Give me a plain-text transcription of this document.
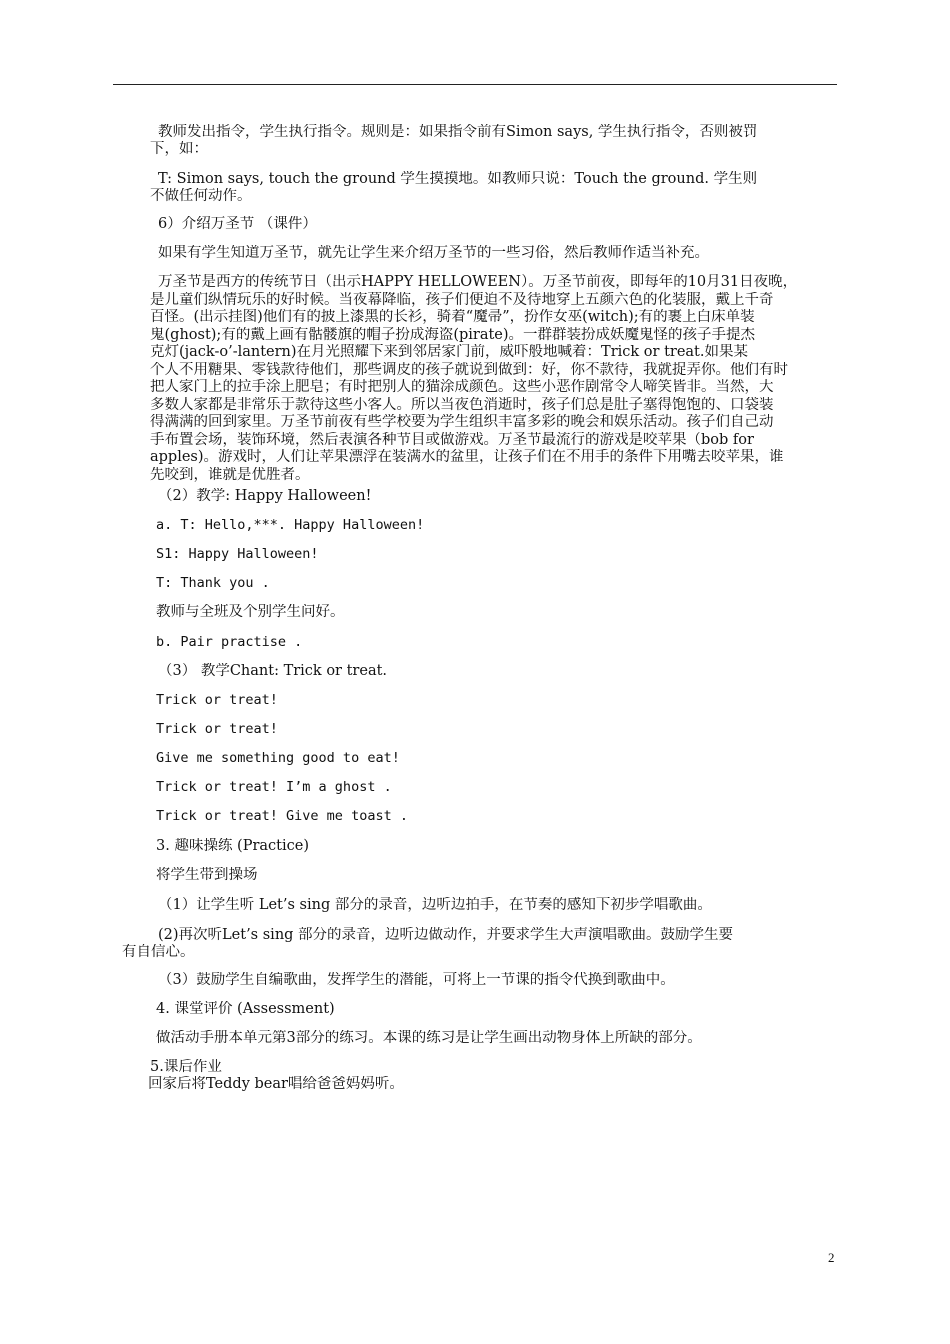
教师发出指令，学生执行指令。规则是：如果指令前有Simon says, 学生执行指令，否则被罚
下，如：
T: Simon says, touch the ground 学生摸摸地。如教师只说：Touch the ground. 学生则
不做任何动作。
6）介绍万圣节 （课件）
如果有学生知道万圣节，就先让学生来介绍万圣节的一些习俗，然后教师作适当补充。
万圣节是西方的传统节日（出示HAPPY HELLOWEEN）。万圣节前夜，即每年的10月31日夜晚，
是儿童们纵情玩乐的好时候。当夜幕降临，孩子们便迫不及待地穿上五颜六色的化装服，戴上千奇
百怪。(出示挂图)他们有的披上漆黑的长衫，骑着“魔帚”，扮作女巫(witch);有的裹上白床单装
鬼(ghost);有的戴上画有骷髅旗的帽子扮成海盗(pirate)。一群群装扮成妖魔鬼怪的孩子手提杰
克灯(jack-o’-lantern)在月光照耀下来到邻居家门前，威吓般地喊着：Trick or treat.如果某
个人不用糖果、零钱款待他们，那些调皮的孩子就说到做到：好，你不款待，我就捉弄你。他们有时
把人家门上的拉手涂上肥皂；有时把别人的猫涂成颜色。这些小恶作剧常令人啼笑皆非。当然，大
多数人家都是非常乐于款待这些小客人。所以当夜色消逝时，孩子们总是肚子塞得饱饱的、口袋装
得满满的回到家里。万圣节前夜有些学校要为学生组织丰富多彩的晚会和娱乐活动。孩子们自己动
手布置会场，装饰环境，然后表演各种节目或做游戏。万圣节最流行的游戏是咬苹果（bob for
apples)。游戏时，人们让苹果漂浮在装满水的盆里，让孩子们在不用手的条件下用嘴去咬苹果，谁
先咬到，谁就是优胜者。
（2）教学: Happy Halloween!
a. T: Hello,***. Happy Halloween!
S1: Happy Halloween!
T: Thank you .
教师与全班及个别学生问好。
b. Pair practise .
（3） 教学Chant: Trick or treat.
Trick or treat!
Trick or treat!
Give me something good to eat!
Trick or treat! I’m a ghost .
Trick or treat! Give me toast .
3. 趣味操练 (Practice)
将学生带到操场
（1）让学生听 Let’s sing 部分的录音，边听边拍手，在节奏的感知下初步学唱歌曲。
(2)再次听Let’s sing 部分的录音，边听边做动作，并要求学生大声演唱歌曲。鼓励学生要
有自信心。
（3）鼓励学生自编歌曲，发挥学生的潜能，可将上一节课的指令代换到歌曲中。
4. 课堂评价 (Assessment)
做活动手册本单元第3部分的练习。本课的练习是让学生画出动物身体上所缺的部分。
5.课后作业
回家后将Teddy bear唱给爸爸妈妈听。
2
